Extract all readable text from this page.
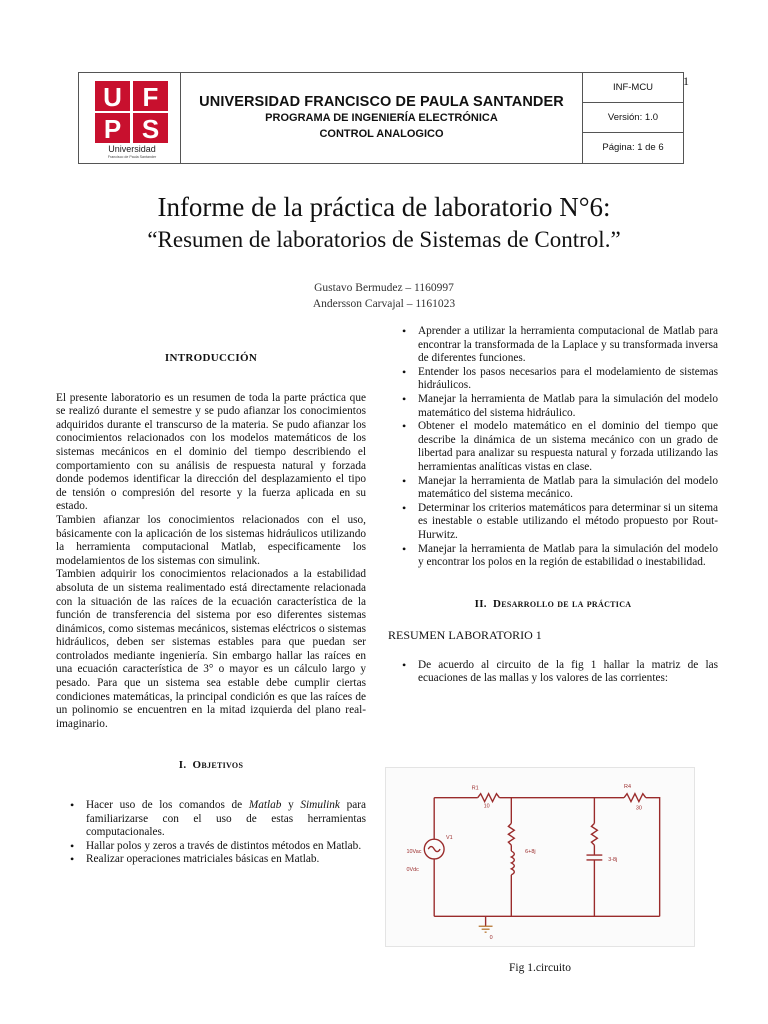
1
U F
P S
Universidad
Francisco de Paula Santander
UNIVERSIDAD FRANCISCO DE PAULA SANTANDER
PROGRAMA DE INGENIERÍA ELECTRÓNICA
CONTROL ANALOGICO
INF-MCU
Versión: 1.0
Página: 1 de 6
Informe de la práctica de laboratorio N°6:
“Resumen de laboratorios de Sistemas de Control.”
Gustavo Bermudez – 1160997
Andersson Carvajal – 1161023
INTRODUCCIÓN

El presente laboratorio es un resumen de toda la parte práctica que se realizó durante el semestre y se pudo afianzar los conocimientos adquiridos durante el transcurso de la materia. Se pudo afianzar los conocimientos relacionados con los modelos matemáticos de los sistemas mecánicos en el dominio del tiempo describiendo el comportamiento con su análisis de respuesta natural y forzada donde podemos identificar la dirección del desplazamiento el tipo de tensión o compresión del resorte y la fuerza aplicada en su estado.

Tambien afianzar los conocimientos relacionados con el uso, básicamente con la aplicación de los sistemas hidráulicos utilizando la herramienta computacional Matlab, especificamente los modelamientos de los sistemas con simulink.

Tambien adquirir los conocimientos relacionados a la estabilidad absoluta de un sistema realimentado está directamente relacionada con la situación de las raíces de la ecuación característica de la función de transferencia del sistema por eso diferentes sistemas dinámicos, como sistemas mecánicos, sistemas eléctricos o sistemas hidráulicos, deben ser sistemas estables para que puedan ser controlados mediante ingeniería. Sin embargo hallar las raíces en una ecuación característica de 3° o mayor es un cálculo largo y pesado. Para que un sistema sea estable debe cumplir ciertas condiciones matemáticas, la principal condición es que las raíces de un polinomio se encuentren en la mitad izquierda del plano real-imaginario.

I. Objetivos
• Hacer uso de los comandos de Matlab y Simulink para familiarizarse con el uso de estas herramientas computacionales.
• Hallar polos y zeros a través de distintos métodos en Matlab.
• Realizar operaciones matriciales básicas en Matlab.
• Aprender a utilizar la herramienta computacional de Matlab para encontrar la transformada de la Laplace y su transformada inversa de diferentes funciones.
• Entender los pasos necesarios para el modelamiento de sistemas hidráulicos.
• Manejar la herramienta de Matlab para la simulación del modelo matemático del sistema hidráulico.
• Obtener el modelo matemático en el dominio del tiempo que describe la dinámica de un sistema mecánico con un grado de libertad para analizar su respuesta natural y forzada utilizando las herramientas analíticas vistas en clase.
• Manejar la herramienta de Matlab para la simulación del modelo matemático del sistema mecánico.
• Determinar los criterios matemáticos para determinar si un sitema es inestable o estable utilizando el método propuesto por Rout-Hurwitz.
• Manejar la herramienta de Matlab para la simulación del modelo y encontrar los polos en la región de estabilidad o inestabilidad.
II. Desarrollo de la práctica
RESUMEN LABORATORIO 1
• De acuerdo al circuito de la fig 1 hallar la matriz de las ecuaciones de las mallas y los valores de las corrientes:
R1
10
R4
30
V1
10Vac
0Vdc
6+8j
3-8j
0
Fig 1.circuito
